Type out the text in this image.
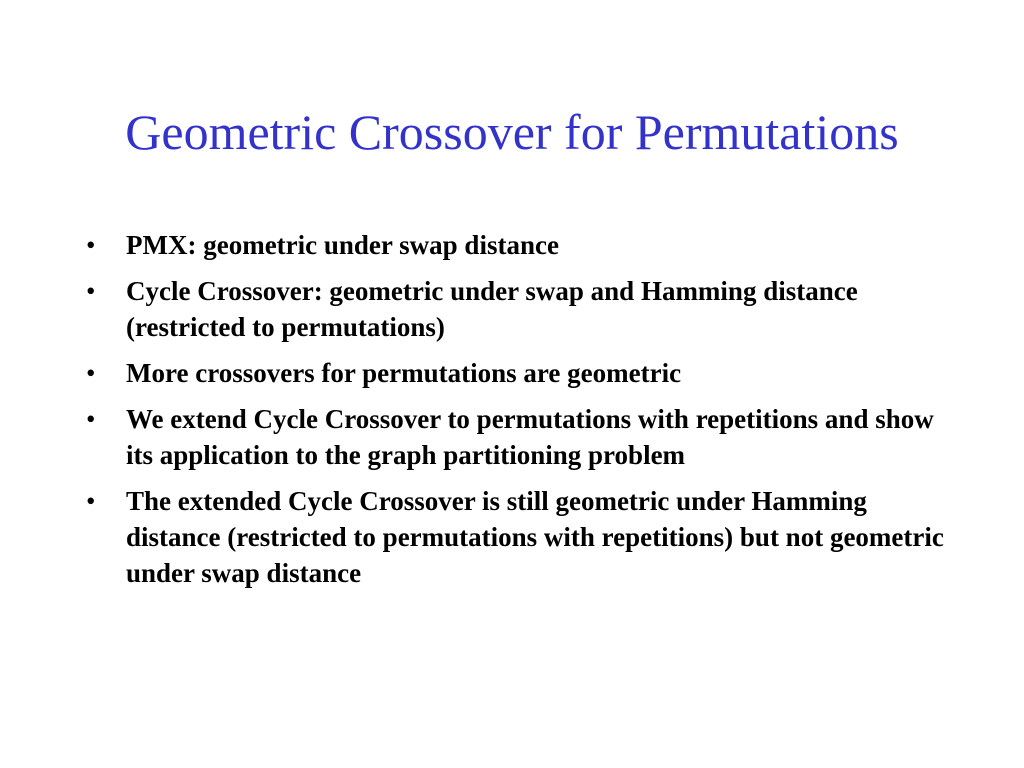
Geometric Crossover for Permutations
• PMX: geometric under swap distance
• Cycle Crossover: geometric under swap and Hamming distance (restricted to permutations)
• More crossovers for permutations are geometric
• We extend Cycle Crossover to permutations with repetitions and show its application to the graph partitioning problem
• The extended Cycle Crossover is still geometric under Hamming distance (restricted to permutations with repetitions) but not geometric under swap distance
